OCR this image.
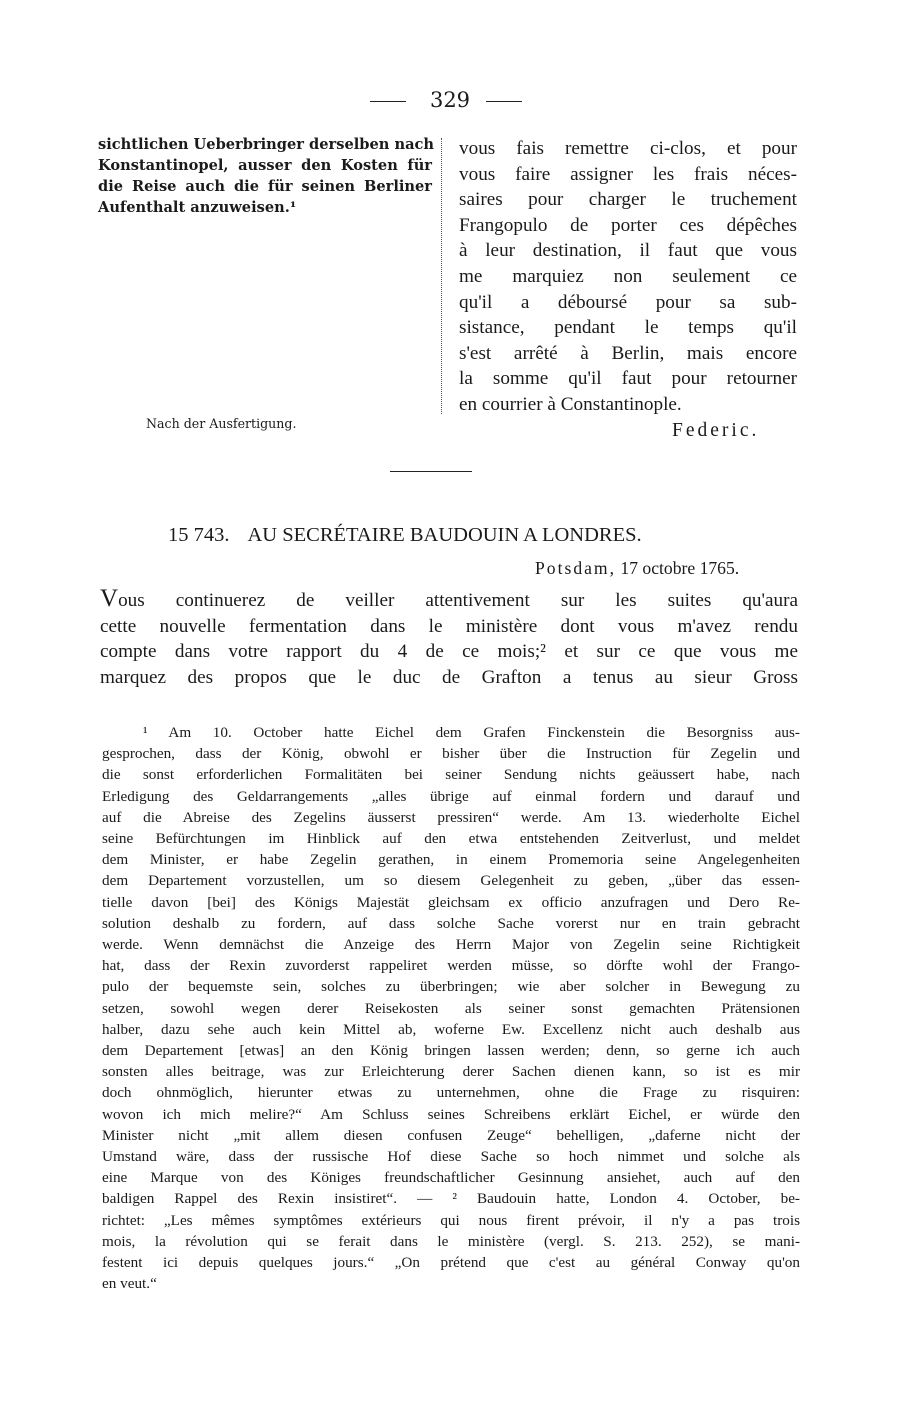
329
sichtlichen Ueberbringer derselben nach
Konstantinopel, ausser den Kosten für
die Reise auch die für seinen Berliner
Aufenthalt anzuweisen.¹
Nach der Ausfertigung.
vous fais remettre ci-clos, et pour
vous faire assigner les frais néces-
saires pour charger le truchement
Frangopulo de porter ces dépêches
à leur destination, il faut que vous
me marquiez non seulement ce
qu'il a déboursé pour sa sub-
sistance, pendant le temps qu'il
s'est arrêté à Berlin, mais encore
la somme qu'il faut pour retourner
en courrier à Constantinople.
Federic.
15 743. AU SECRÉTAIRE BAUDOUIN A LONDRES.
Potsdam, 17 octobre 1765.
Vous continuerez de veiller attentivement sur les suites qu'aura
cette nouvelle fermentation dans le ministère dont vous m'avez rendu
compte dans votre rapport du 4 de ce mois;² et sur ce que vous me
marquez des propos que le duc de Grafton a tenus au sieur Gross
¹ Am 10. October hatte Eichel dem Grafen Finckenstein die Besorgniss aus-
gesprochen, dass der König, obwohl er bisher über die Instruction für Zegelin und
die sonst erforderlichen Formalitäten bei seiner Sendung nichts geäussert habe, nach
Erledigung des Geldarrangements „alles übrige auf einmal fordern und darauf und
auf die Abreise des Zegelins äusserst pressiren“ werde. Am 13. wiederholte Eichel
seine Befürchtungen im Hinblick auf den etwa entstehenden Zeitverlust, und meldet
dem Minister, er habe Zegelin gerathen, in einem Promemoria seine Angelegenheiten
dem Departement vorzustellen, um so diesem Gelegenheit zu geben, „über das essen-
tielle davon [bei] des Königs Majestät gleichsam ex officio anzufragen und Dero Re-
solution deshalb zu fordern, auf dass solche Sache vorerst nur en train gebracht
werde. Wenn demnächst die Anzeige des Herrn Major von Zegelin seine Richtigkeit
hat, dass der Rexin zuvorderst rappeliret werden müsse, so dörfte wohl der Frango-
pulo der bequemste sein, solches zu überbringen; wie aber solcher in Bewegung zu
setzen, sowohl wegen derer Reisekosten als seiner sonst gemachten Prätensionen
halber, dazu sehe auch kein Mittel ab, woferne Ew. Excellenz nicht auch deshalb aus
dem Departement [etwas] an den König bringen lassen werden; denn, so gerne ich auch
sonsten alles beitrage, was zur Erleichterung derer Sachen dienen kann, so ist es mir
doch ohnmöglich, hierunter etwas zu unternehmen, ohne die Frage zu risquiren:
wovon ich mich melire?“ Am Schluss seines Schreibens erklärt Eichel, er würde den
Minister nicht „mit allem diesen confusen Zeuge“ behelligen, „daferne nicht der
Umstand wäre, dass der russische Hof diese Sache so hoch nimmet und solche als
eine Marque von des Königes freundschaftlicher Gesinnung ansiehet, auch auf den
baldigen Rappel des Rexin insistiret“. — ² Baudouin hatte, London 4. October, be-
richtet: „Les mêmes symptômes extérieurs qui nous firent prévoir, il n'y a pas trois
mois, la révolution qui se ferait dans le ministère (vergl. S. 213. 252), se mani-
festent ici depuis quelques jours.“ „On prétend que c'est au général Conway qu'on
en veut.“
